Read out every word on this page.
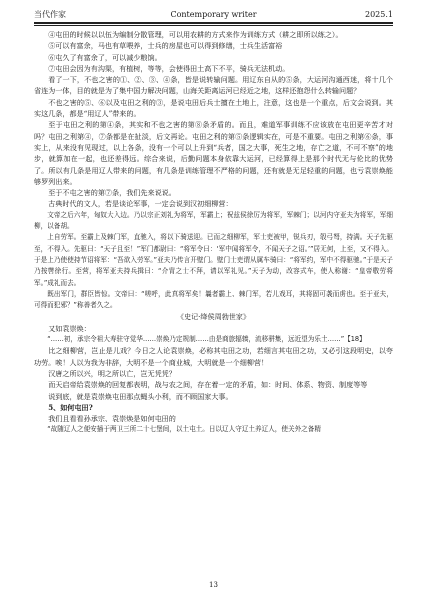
当代作家	Contemporary writer	2025.1

④屯田的时候以以伍为编制分散管理，可以用农耕的方式来作为训练方式（耕之即所以练之）。

⑤可以有富余，马也有草喂养，士兵的房屋也可以得到修缮，士兵生活富裕

⑥屯久了有富余了，可以减少粮饷。

⑦屯田会因为有沟渠，有植树，等等，会使得田土高下不平，骑兵无法机动。

看了一下，不也之害的①、②、③、④条，皆是说转输问题。用辽东自从的⑤条，大运河沟通西迷，将十几个省连为一体，目的就是为了集中国力解决问题，山海关距离运河已经近之地，这样还抱怨什么转输问题？

不也之害的⑤、⑥以及屯田之利的③，是说屯田后兵士擅在土地上，注意，这也是一个重点，后文会说到。其实这几条，都是“用辽人”带来的。

至于屯田之利的第④条，其实和不也之害的第⑧条矛盾的。而且，难道军事训练不应该放在屯田更辛苦才对吗？屯田之利第④，⑦条都是在扯淡，后文再论。屯田之利的第⑤条逻辑实在，可是不重要。屯田之利第⑥条，事实上，从来没有见现过，以上各条，没有一个可以上升到“兵者，国之大事，死生之地，存亡之道，不可不察”的地步，就算加在一起，也还差得远。综合来说，后勤问题本身依靠大运河，已经算得上是那个时代无与伦比的优势了。所以有几条是用辽人带来的问题，有几条是训练管理不严格的问题，还有就是无足轻重的问题，也亏袁崇焕能够罗列出来。

至于不屯之害的第⑦条，我们先来说说。

古典时代的文人，若是谈论军事，一定会说到汉初细柳营：

文帝之后六年，匈奴大入边。乃以宗正刘礼为将军，军霸上；祝兹侯徐厉为将军，军棘门；以河内守亚夫为将军，军细柳，以备胡。

上自劳军。至霸上及棘门军，直驰入，将以下骑送迎。已而之细柳军，军士吏被甲，锐兵刃，彀弓弩，持满。天子先驱至，不得入。先驱曰：“天子且至！”军门都尉曰：“将军令曰：‘军中闻将军令，不闻天子之诏。’”居无何，上至，又不得入。于是上乃使使持节诏将军：“吾欲入劳军。”亚夫乃传言开壁门。壁门士吏谓从属车骑曰：“将军约，军中不得驱驰。”于是天子乃按辔徐行。至营，将军亚夫持兵揖曰：“介胄之士不拜，请以军礼见。”天子为动，改容式车，使人称谢：“皇帝敬劳将军。”成礼而去。

既出军门，群臣皆惊。文帝曰：“嗟呼，此真将军矣！曩者霸上、棘门军，若儿戏耳，其将固可袭而虏也。至于亚夫，可得而犯邪？”称善者久之。

《史记·绛侯周勃世家》

又如袁崇焕：

“……初，承宗令祖大寿驻守觉华……崇焕乃定规制……由是商旅辐辏，流移骈集，远近望为乐土……”【18】

比之细柳营，岂止是儿戏？今日之人论袁崇焕，必称其屯田之功，若细言其屯田之功，又必引这段明史，以夸功劳。唉！人以为我为非辞，大明不是一个商业城，大明就是一个细柳营！

汉唐之所以兴，明之所以亡，岂无凭凭？

而天启帝给袁崇焕的回复都表明，战与农之间，存在着一定的矛盾，如：时间、体系、物资、制度等等

说到底，就是袁崇焕屯田那点蝇头小利，而不顾国家大事。

5、如何屯田?

我们且看看孙承宗、袁崇焕是如何屯田的

“故随辽人之便安插于两卫三所二十七堡间，以土屯土。日以辽人守辽土养辽人，使关外之备精

13
